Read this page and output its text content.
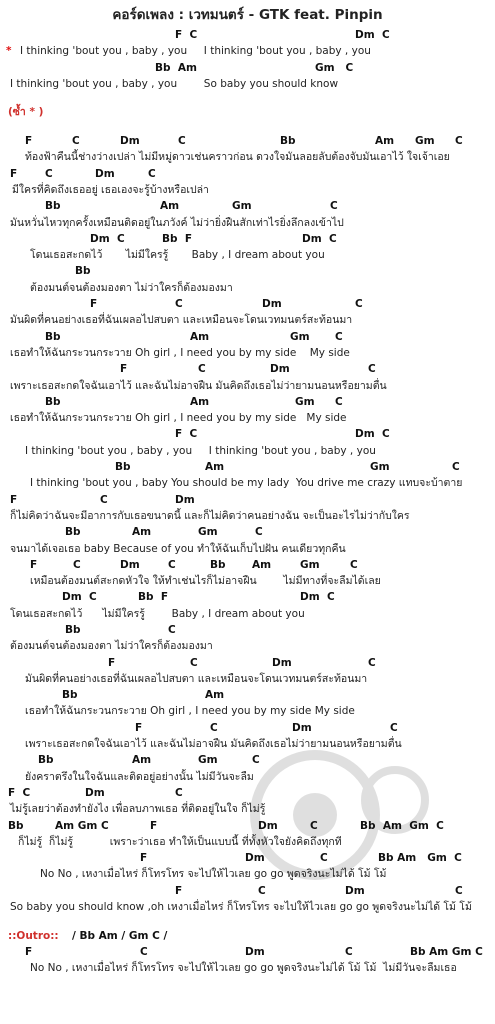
คอร์ดเพลง : เวทมนตร์ - GTK feat. Pinpin
F  C	Dm  C
* I thinking 'bout you , baby , you     I thinking 'bout you , baby , you
Bb  Am	Gm   C
I thinking 'bout you , baby , you        So baby you should know
(ซ้ำ * )
F	C	Dm	C	Bb	Am Gm C
ท้องฟ้าคืนนี้ช่างว่างเปล่า ไม่มีหมู่ดาวเช่นคราวก่อน ดวงใจมันลอยลับต้องจับมันเอาไว้ ใจเจ้าเอย
F	C	Dm	C
มีใครที่คิดถึงเธออยู่ เธอเองจะรู้บ้างหรือเปล่า
Bb	Am	Gm	C
มันหวั่นไหวทุกครั้งเหมือนติดอยู่ในภวังค์ ไม่ว่ายิ่งฝืนสักเท่าไรยิ่งลึกลงเข้าไป
Dm  C	Bb  F	Dm  C
โดนเธอสะกดไว้       ไม่มีใครรู้       Baby , I dream about you
Bb
ต้องมนต์จนต้องมองตา ไม่ว่าใครก็ต้องมองมา
F	C	Dm	C
มันผิดที่คนอย่างเธอที่ฉันเผลอไปสบตา และเหมือนจะโดนเวทมนตร์สะท้อนมา
Bb	Am	Gm C
เธอทำให้ฉันกระวนกระวาย Oh girl , I need you by my side    My side
F	C	Dm	C
เพราะเธอสะกดใจฉันเอาไว้ และฉันไม่อาจฝืน มันคิดถึงเธอไม่ว่ายามนอนหรือยามตื่น
Bb	Am	Gm C
เธอทำให้ฉันกระวนกระวาย Oh girl , I need you by my side   My side
F  C	Dm  C
I thinking 'bout you , baby , you     I thinking 'bout you , baby , you
Bb	Am	Gm	C
I thinking 'bout you , baby You should be my lady  You drive me crazy แทบจะบ้าตาย
F	C	Dm
ก็ไม่คิดว่าฉันจะมีอาการกับเธอขนาดนี้ และก็ไม่คิดว่าคนอย่างฉัน จะเป็นอะไรไม่ว่ากับใคร
Bb	Am	Gm	C
จนมาได้เจอเธอ baby Because of you ทำให้ฉันเก็บไปฝัน คนเดียวทุกคืน
F	C	Dm	C	Bb	Am	Gm	C
เหมือนต้องมนต์สะกดหัวใจ ให้ทำเช่นไรก็ไม่อาจฝืน        ไม่มีทางที่จะลืมได้เลย
Dm  C	Bb  F	Dm  C
โดนเธอสะกดไว้      ไม่มีใครรู้        Baby , I dream about you
Bb	C
ต้องมนต์จนต้องมองตา ไม่ว่าใครก็ต้องมองมา
F	C	Dm	C
มันผิดที่คนอย่างเธอที่ฉันเผลอไปสบตา และเหมือนจะโดนเวทมนตร์สะท้อนมา
Bb	Am
เธอทำให้ฉันกระวนกระวาย Oh girl , I need you by my side My side
F	C	Dm	C
เพราะเธอสะกดใจฉันเอาไว้ และฉันไม่อาจฝืน มันคิดถึงเธอไม่ว่ายามนอนหรือยามตื่น
Bb	Am	Gm	C
ยังคราตรึงในใจฉันและติดอยู่อย่างนั้น ไม่มีวันจะลืม
F  C	Dm	C
ไม่รู้เลยว่าต้องทำยังไง เพื่อลบภาพเธอ ที่ติดอยู่ในใจ ก็ไม่รู้
Bb	Am Gm C	F	Dm	C	Bb  Am  Gm  C
ก็ไม่รู้  ก็ไม่รู้           เพราะว่าเธอ ทำให้เป็นแบบนี้ ที่ทั้งหัวใจยังคิดถึงทุกที
F	Dm	C	Bb Am   Gm  C
No No , เหงาเมื่อไหร่ ก็โทรโทร จะไปให้ไวเลย go go พูดจริงนะไม่ได้ โม้ โม้
F	C	Dm	C
So baby you should know ,oh เหงาเมื่อไหร่ ก็โทรโทร จะไปให้ไวเลย go go พูดจริงนะไม่ได้ โม้ โม้
::Outro:: / Bb Am / Gm C /
F	C	Dm	C	Bb Am Gm C
No No , เหงาเมื่อไหร่ ก็โทรโทร จะไปให้ไวเลย go go พูดจริงนะไม่ได้ โม้ โม้  ไม่มีวันจะลืมเธอ
